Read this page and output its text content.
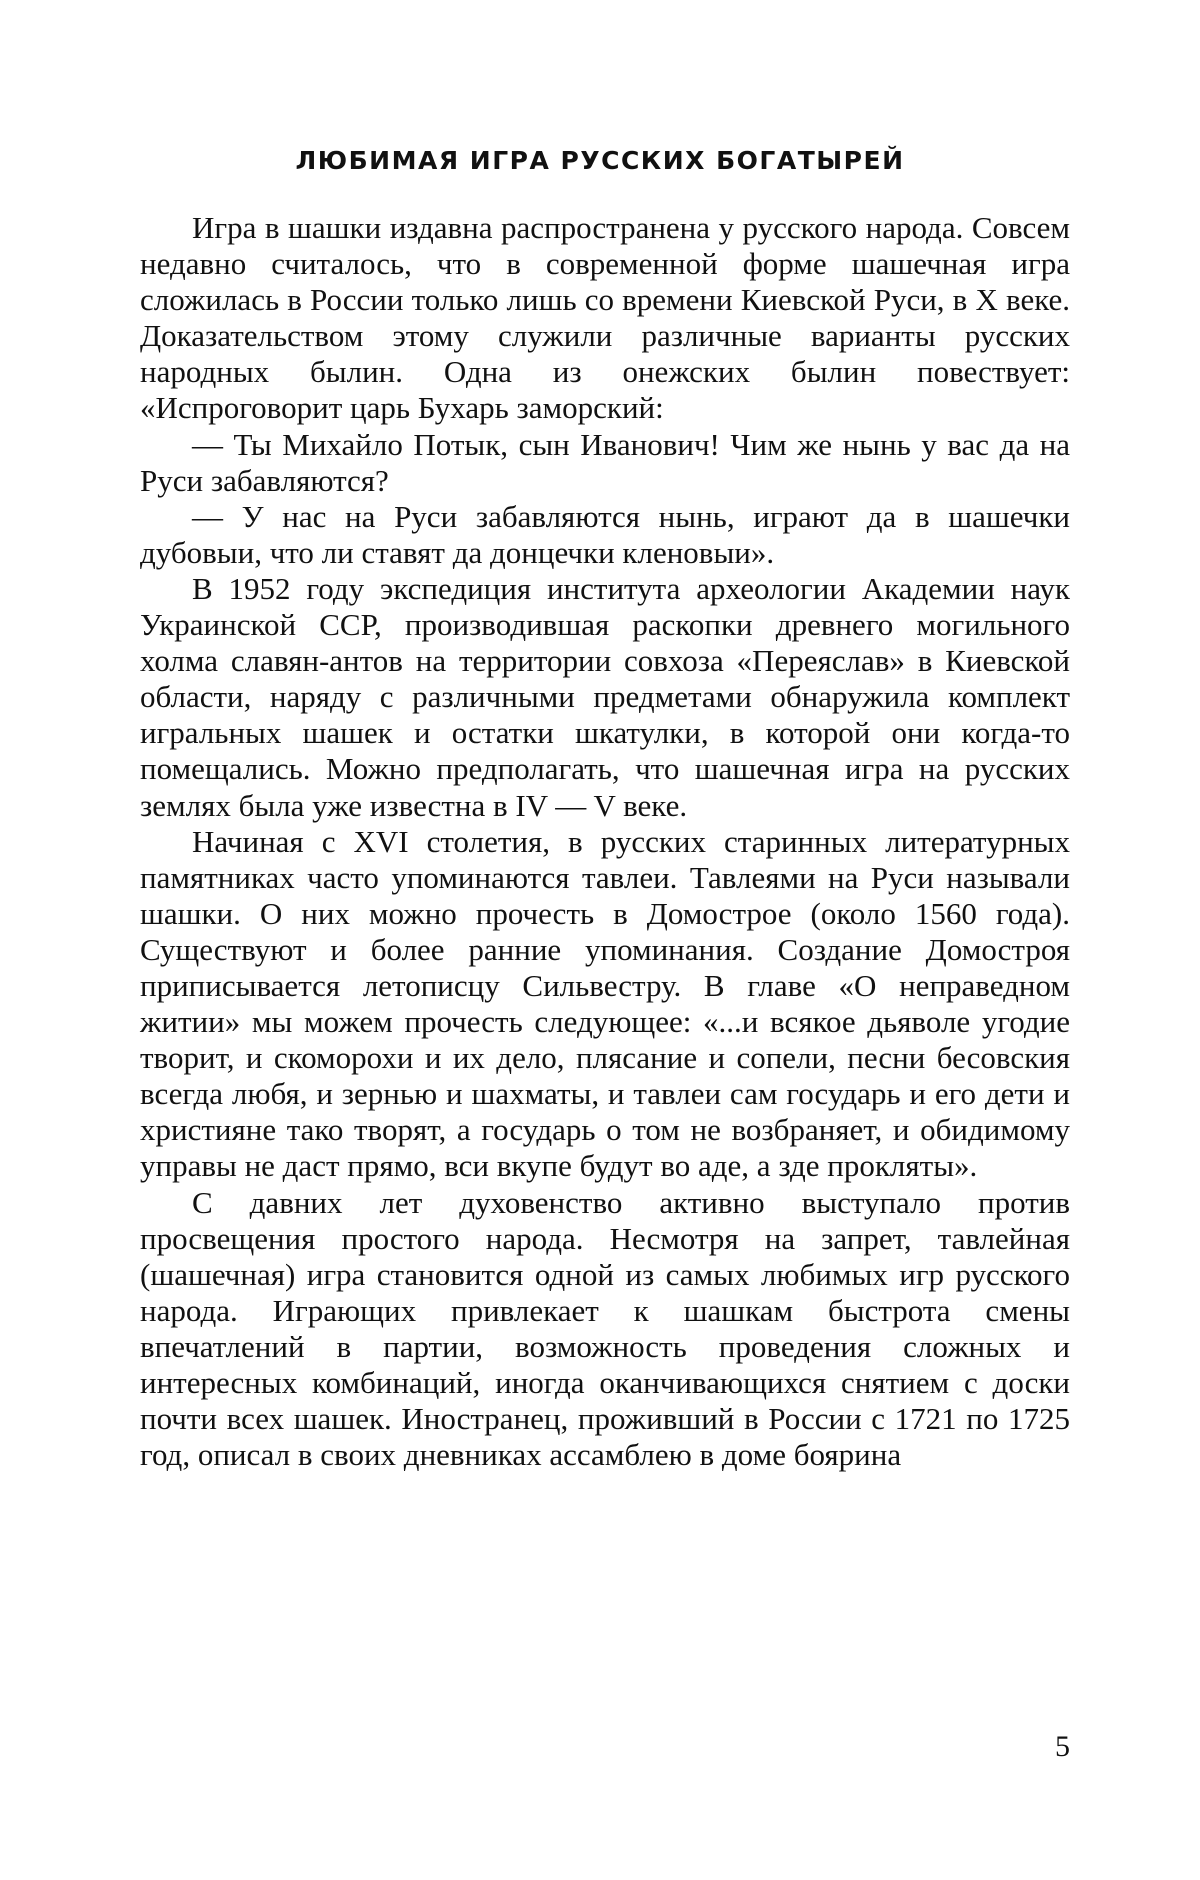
ЛЮБИМАЯ ИГРА РУССКИХ БОГАТЫРЕЙ

Игра в шашки издавна распространена у русского народа. Совсем недавно считалось, что в современной форме шашечная игра сложилась в России только лишь со времени Киевской Руси, в X веке. Доказательством этому служили различные варианты русских народных былин. Одна из онежских былин повествует: «Испроговорит царь Бухарь заморский:

— Ты Михайло Потык, сын Иванович! Чим же нынь у вас да на Руси забавляются?

— У нас на Руси забавляются нынь, играют да в шашечки дубовыи, что ли ставят да донцечки кленовыи».

В 1952 году экспедиция института археологии Академии наук Украинской ССР, производившая раскопки древнего могильного холма славян-антов на территории совхоза «Переяслав» в Киевской области, наряду с различными предметами обнаружила комплект игральных шашек и остатки шкатулки, в которой они когда-то помещались. Можно предполагать, что шашечная игра на русских землях была уже известна в IV — V веке.

Начиная с XVI столетия, в русских старинных литературных памятниках часто упоминаются тавлеи. Тавлеями на Руси называли шашки. О них можно прочесть в Домострое (около 1560 года). Существуют и более ранние упоминания. Создание Домостроя приписывается летописцу Сильвестру. В главе «О неправедном житии» мы можем прочесть следующее: «...и всякое дьяволе угодие творит, и скоморохи и их дело, плясание и сопели, песни бесовския всегда любя, и зернью и шахматы, и тавлеи сам государь и его дети и християне тако творят, а государь о том не возбраняет, и обидимому управы не даст прямо, вси вкупе будут во аде, а зде прокляты».

С давних лет духовенство активно выступало против просвещения простого народа. Несмотря на запрет, тавлейная (шашечная) игра становится одной из самых любимых игр русского народа. Играющих привлекает к шашкам быстрота смены впечатлений в партии, возможность проведения сложных и интересных комбинаций, иногда оканчивающихся снятием с доски почти всех шашек. Иностранец, проживший в России с 1721 по 1725 год, описал в своих дневниках ассамблею в доме боярина

5
